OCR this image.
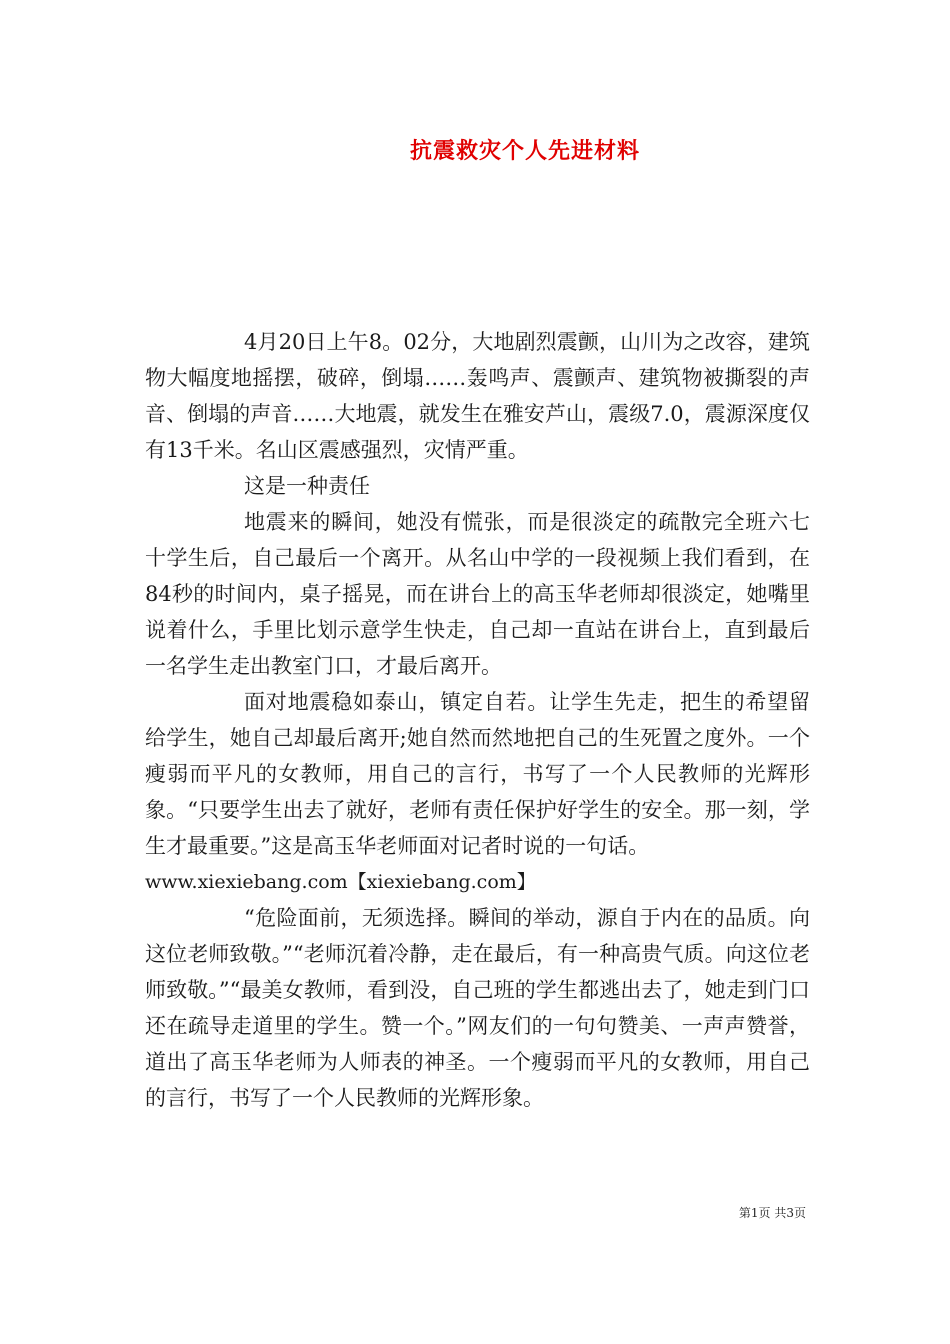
抗震救灾个人先进材料

4月20日上午8。02分，大地剧烈震颤，山川为之改容，建筑物大幅度地摇摆，破碎，倒塌……轰鸣声、震颤声、建筑物被撕裂的声音、倒塌的声音……大地震，就发生在雅安芦山，震级7.0，震源深度仅有13千米。名山区震感强烈，灾情严重。

这是一种责任

地震来的瞬间，她没有慌张，而是很淡定的疏散完全班六七十学生后，自己最后一个离开。从名山中学的一段视频上我们看到，在84秒的时间内，桌子摇晃，而在讲台上的高玉华老师却很淡定，她嘴里说着什么，手里比划示意学生快走，自己却一直站在讲台上，直到最后一名学生走出教室门口，才最后离开。

面对地震稳如泰山，镇定自若。让学生先走，把生的希望留给学生，她自己却最后离开;她自然而然地把自己的生死置之度外。一个瘦弱而平凡的女教师，用自己的言行，书写了一个人民教师的光辉形象。“只要学生出去了就好，老师有责任保护好学生的安全。那一刻，学生才最重要。”这是高玉华老师面对记者时说的一句话。

www.xiexiebang.com【xiexiebang.com】

“危险面前，无须选择。瞬间的举动，源自于内在的品质。向这位老师致敬。”“老师沉着冷静，走在最后，有一种高贵气质。向这位老师致敬。”“最美女教师，看到没，自己班的学生都逃出去了，她走到门口还在疏导走道里的学生。赞一个。”网友们的一句句赞美、一声声赞誉，道出了高玉华老师为人师表的神圣。一个瘦弱而平凡的女教师，用自己的言行，书写了一个人民教师的光辉形象。

第1页 共3页
